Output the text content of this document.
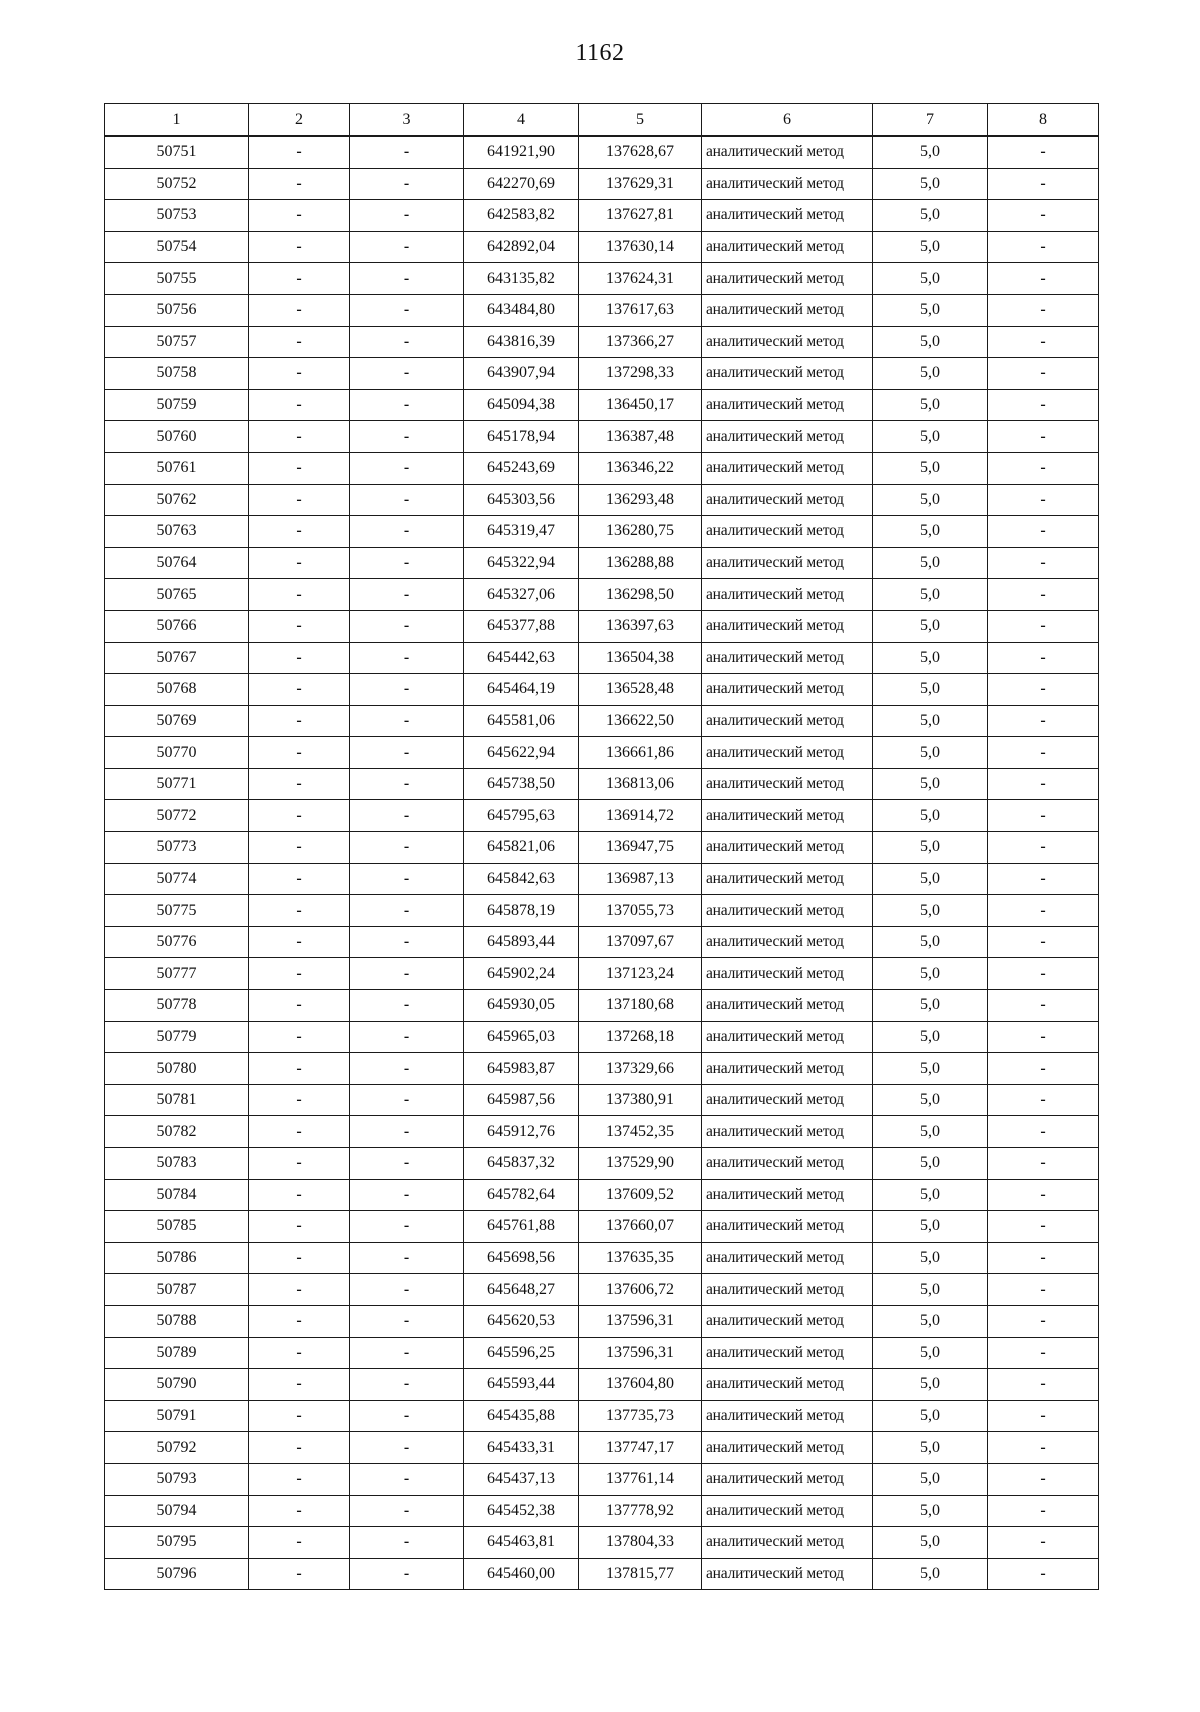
1162
1	2	3	4	5	6	7	8
50751	-	-	641921,90	137628,67	аналитический метод	5,0	-
50752	-	-	642270,69	137629,31	аналитический метод	5,0	-
50753	-	-	642583,82	137627,81	аналитический метод	5,0	-
50754	-	-	642892,04	137630,14	аналитический метод	5,0	-
50755	-	-	643135,82	137624,31	аналитический метод	5,0	-
50756	-	-	643484,80	137617,63	аналитический метод	5,0	-
50757	-	-	643816,39	137366,27	аналитический метод	5,0	-
50758	-	-	643907,94	137298,33	аналитический метод	5,0	-
50759	-	-	645094,38	136450,17	аналитический метод	5,0	-
50760	-	-	645178,94	136387,48	аналитический метод	5,0	-
50761	-	-	645243,69	136346,22	аналитический метод	5,0	-
50762	-	-	645303,56	136293,48	аналитический метод	5,0	-
50763	-	-	645319,47	136280,75	аналитический метод	5,0	-
50764	-	-	645322,94	136288,88	аналитический метод	5,0	-
50765	-	-	645327,06	136298,50	аналитический метод	5,0	-
50766	-	-	645377,88	136397,63	аналитический метод	5,0	-
50767	-	-	645442,63	136504,38	аналитический метод	5,0	-
50768	-	-	645464,19	136528,48	аналитический метод	5,0	-
50769	-	-	645581,06	136622,50	аналитический метод	5,0	-
50770	-	-	645622,94	136661,86	аналитический метод	5,0	-
50771	-	-	645738,50	136813,06	аналитический метод	5,0	-
50772	-	-	645795,63	136914,72	аналитический метод	5,0	-
50773	-	-	645821,06	136947,75	аналитический метод	5,0	-
50774	-	-	645842,63	136987,13	аналитический метод	5,0	-
50775	-	-	645878,19	137055,73	аналитический метод	5,0	-
50776	-	-	645893,44	137097,67	аналитический метод	5,0	-
50777	-	-	645902,24	137123,24	аналитический метод	5,0	-
50778	-	-	645930,05	137180,68	аналитический метод	5,0	-
50779	-	-	645965,03	137268,18	аналитический метод	5,0	-
50780	-	-	645983,87	137329,66	аналитический метод	5,0	-
50781	-	-	645987,56	137380,91	аналитический метод	5,0	-
50782	-	-	645912,76	137452,35	аналитический метод	5,0	-
50783	-	-	645837,32	137529,90	аналитический метод	5,0	-
50784	-	-	645782,64	137609,52	аналитический метод	5,0	-
50785	-	-	645761,88	137660,07	аналитический метод	5,0	-
50786	-	-	645698,56	137635,35	аналитический метод	5,0	-
50787	-	-	645648,27	137606,72	аналитический метод	5,0	-
50788	-	-	645620,53	137596,31	аналитический метод	5,0	-
50789	-	-	645596,25	137596,31	аналитический метод	5,0	-
50790	-	-	645593,44	137604,80	аналитический метод	5,0	-
50791	-	-	645435,88	137735,73	аналитический метод	5,0	-
50792	-	-	645433,31	137747,17	аналитический метод	5,0	-
50793	-	-	645437,13	137761,14	аналитический метод	5,0	-
50794	-	-	645452,38	137778,92	аналитический метод	5,0	-
50795	-	-	645463,81	137804,33	аналитический метод	5,0	-
50796	-	-	645460,00	137815,77	аналитический метод	5,0	-
